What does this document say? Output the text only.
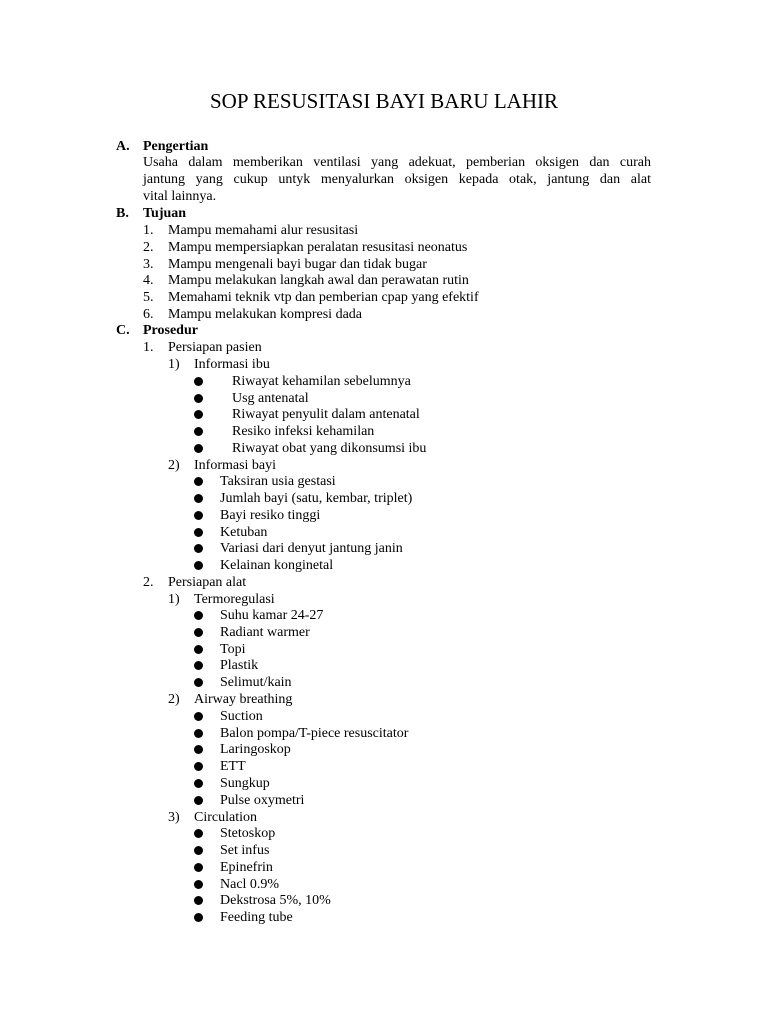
SOP RESUSITASI BAYI BARU LAHIR
A. Pengertian
Usaha dalam memberikan ventilasi yang adekuat, pemberian oksigen dan curah
jantung yang cukup untyk menyalurkan oksigen kepada otak, jantung dan alat
vital lainnya.
B. Tujuan
1. Mampu memahami alur resusitasi
2. Mampu mempersiapkan peralatan resusitasi neonatus
3. Mampu mengenali bayi bugar dan tidak bugar
4. Mampu melakukan langkah awal dan perawatan rutin
5. Memahami teknik vtp dan pemberian cpap yang efektif
6. Mampu melakukan kompresi dada
C. Prosedur
1. Persiapan pasien
1) Informasi ibu
Riwayat kehamilan sebelumnya
Usg antenatal
Riwayat penyulit dalam antenatal
Resiko infeksi kehamilan
Riwayat obat yang dikonsumsi ibu
2) Informasi bayi
Taksiran usia gestasi
Jumlah bayi (satu, kembar, triplet)
Bayi resiko tinggi
Ketuban
Variasi dari denyut jantung janin
Kelainan konginetal
2. Persiapan alat
1) Termoregulasi
Suhu kamar 24-27
Radiant warmer
Topi
Plastik
Selimut/kain
2) Airway breathing
Suction
Balon pompa/T-piece resuscitator
Laringoskop
ETT
Sungkup
Pulse oxymetri
3) Circulation
Stetoskop
Set infus
Epinefrin
Nacl 0.9%
Dekstrosa 5%, 10%
Feeding tube
